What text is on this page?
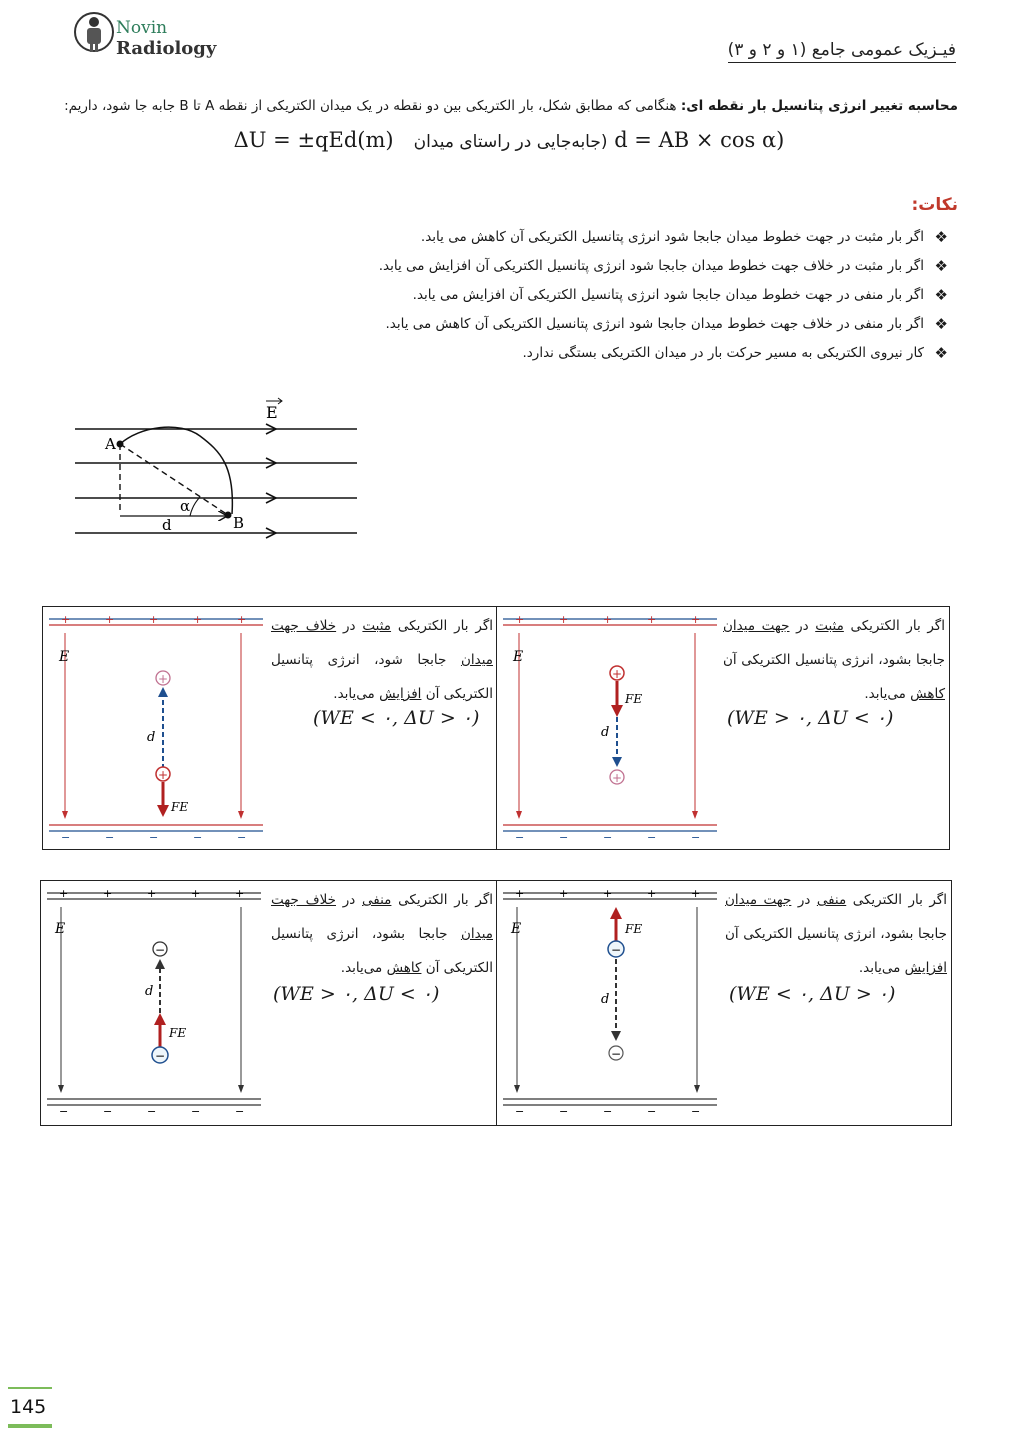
Novin
Radiology	فیـزیک عمومی جامع (۱ و ۲ و ۳)
محاسبه تغییر انرژی پتانسیل بار نقطه ای: هنگامی که مطابق شکل، بار الکتریکی بین دو نقطه در یک میدان الکتریکی از نقطه A تا B جابه جا شود، داریم:
ΔU = ±qEd(m) (جابه‌جایی در راستای میدان d = AB × cos α)
نکات:
❖
اگر بار مثبت در جهت خطوط میدان جابجا شود انرژی پتانسیل الکتریکی آن کاهش می یابد.
❖
اگر بار مثبت در خلاف جهت خطوط میدان جابجا شود انرژی پتانسیل الکتریکی آن افزایش می یابد.
❖
اگر بار منفی در جهت خطوط میدان جابجا شود انرژی پتانسیل الکتریکی آن افزایش می یابد.
❖
اگر بار منفی در خلاف جهت خطوط میدان جابجا شود انرژی پتانسیل الکتریکی آن کاهش می یابد.
❖
کار نیروی الکتریکی به مسیر حرکت بار در میدان الکتریکی بستگی ندارد.
E
A
B
α
d
+	+	+	+	+
−	−	−	−	−
E
+
+
d
FE
اگر بار الکتریکی مثبت در خلاف جهت میدان جابجا شود، انرژی پتانسیل الکتریکی آن افزایش می‌یابد.
(WE < ۰, ΔU > ۰)
+	+	+	+	+
−	−	−	−	−
E
+
+
d
FE
اگر بار الکتریکی مثبت در جهت میدان جابجا بشود، انرژی پتانسیل الکتریکی آن کاهش می‌یابد.
(WE > ۰, ΔU < ۰)
+	+	+	+	+
−	−	−	−	−
E
−
−
d
FE
اگر بار الکتریکی منفی در خلاف جهت میدان جابجا بشود، انرژی پتانسیل الکتریکی آن کاهش می‌یابد.
(WE > ۰, ΔU < ۰)
+	+	+	+	+
−	−	−	−	−
E
−
−
d
FE
اگر بار الکتریکی منفی در جهت میدان جابجا بشود، انرژی پتانسیل الکتریکی آن افزایش می‌یابد.
(WE < ۰, ΔU > ۰)
145
